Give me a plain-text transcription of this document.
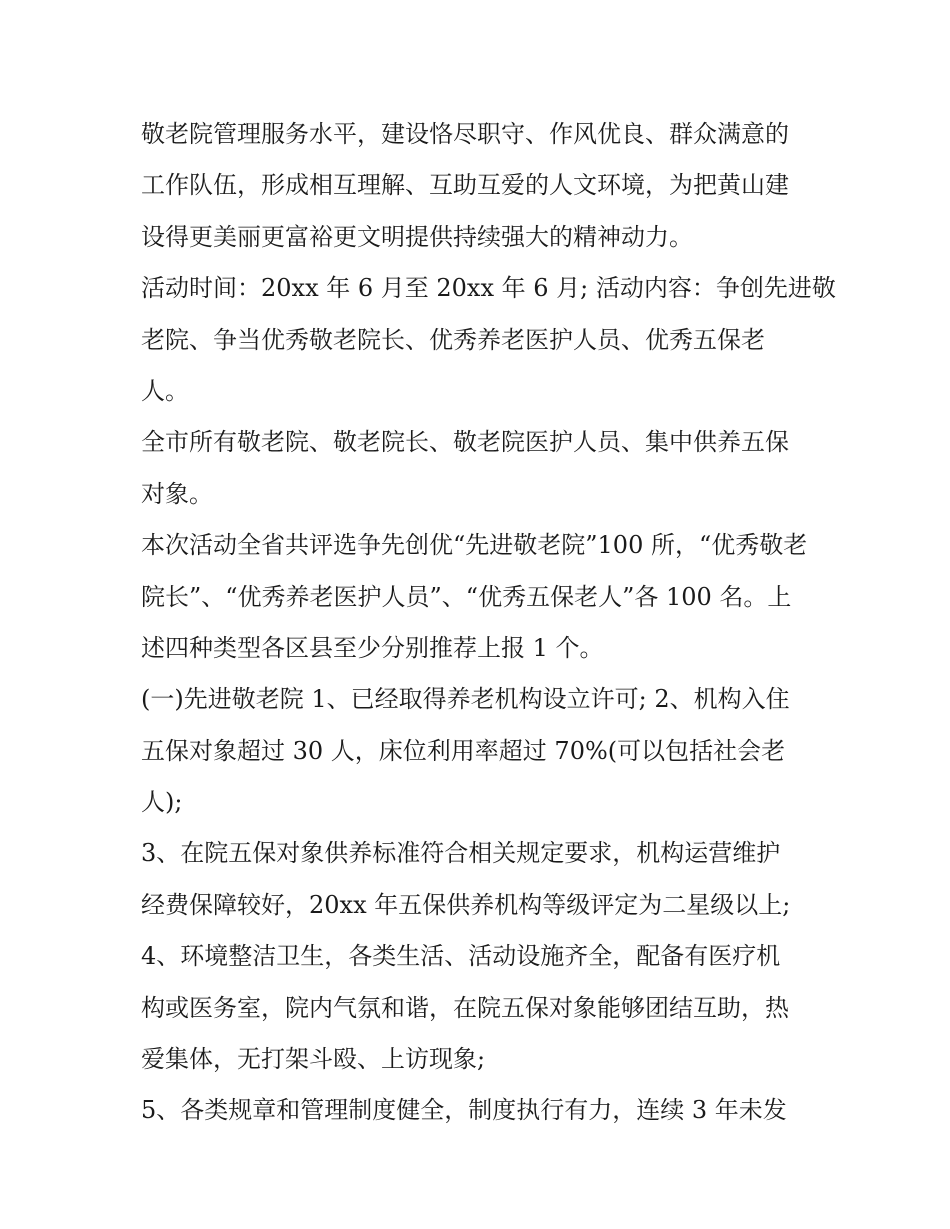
敬老院管理服务水平，建设恪尽职守、作风优良、群众满意的
工作队伍，形成相互理解、互助互爱的人文环境，为把黄山建
设得更美丽更富裕更文明提供持续强大的精神动力。
活动时间：20xx 年 6 月至 20xx 年 6 月; 活动内容：争创先进敬
老院、争当优秀敬老院长、优秀养老医护人员、优秀五保老
人。
全市所有敬老院、敬老院长、敬老院医护人员、集中供养五保
对象。
本次活动全省共评选争先创优“先进敬老院”100 所，“优秀敬老
院长”、“优秀养老医护人员”、“优秀五保老人”各 100 名。上
述四种类型各区县至少分别推荐上报 1 个。
(一)先进敬老院 1、已经取得养老机构设立许可; 2、机构入住
五保对象超过 30 人，床位利用率超过 70%(可以包括社会老
人);
3、在院五保对象供养标准符合相关规定要求，机构运营维护
经费保障较好，20xx 年五保供养机构等级评定为二星级以上;
4、环境整洁卫生，各类生活、活动设施齐全，配备有医疗机
构或医务室，院内气氛和谐，在院五保对象能够团结互助，热
爱集体，无打架斗殴、上访现象;
5、各类规章和管理制度健全，制度执行有力，连续 3 年未发
